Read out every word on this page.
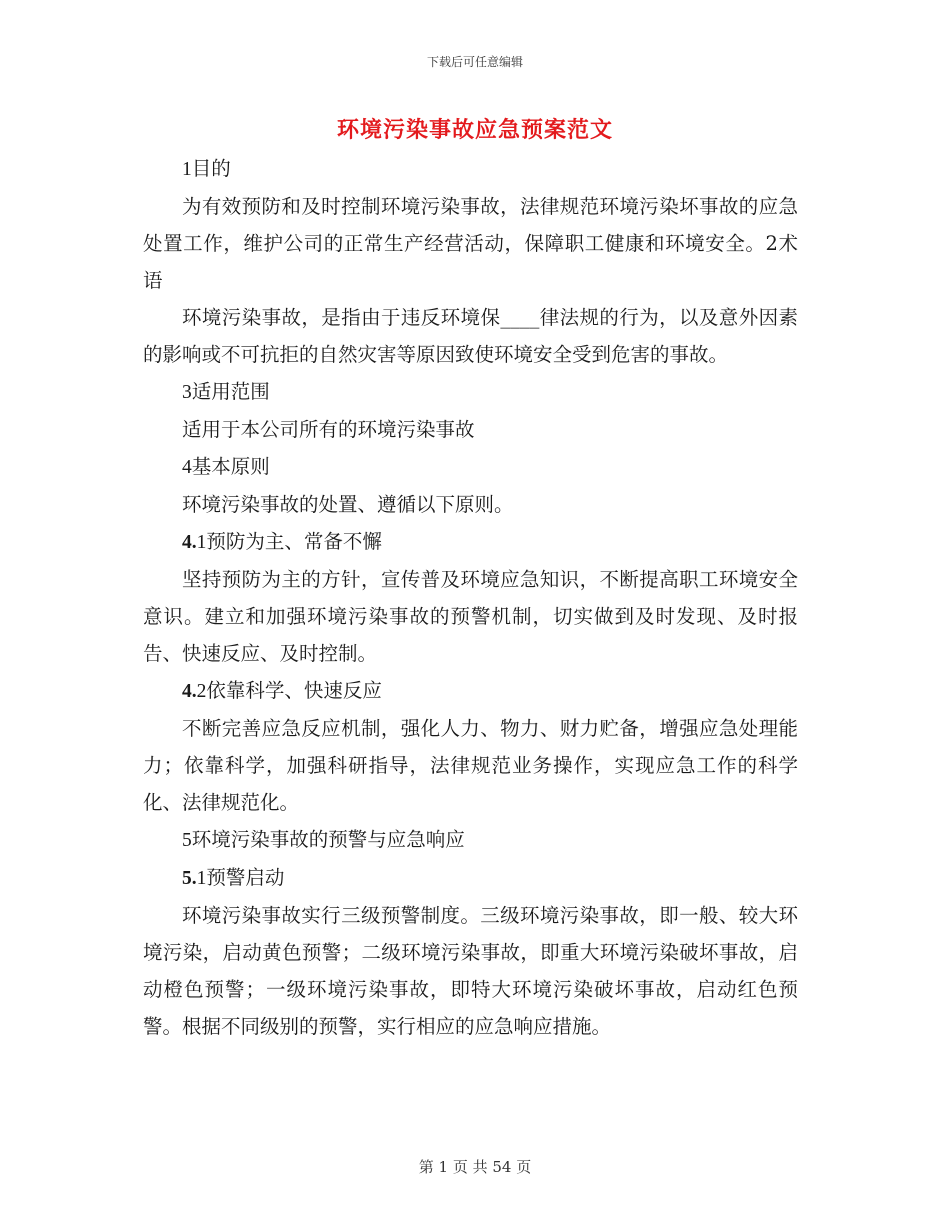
下载后可任意编辑
环境污染事故应急预案范文

1目的

为有效预防和及时控制环境污染事故，法律规范环境污染坏事故的应急处置工作，维护公司的正常生产经营活动，保障职工健康和环境安全。2术语

环境污染事故，是指由于违反环境保____律法规的行为，以及意外因素的影响或不可抗拒的自然灾害等原因致使环境安全受到危害的事故。

3适用范围

适用于本公司所有的环境污染事故

4基本原则

环境污染事故的处置、遵循以下原则。

4.1预防为主、常备不懈

坚持预防为主的方针，宣传普及环境应急知识，不断提高职工环境安全意识。建立和加强环境污染事故的预警机制，切实做到及时发现、及时报告、快速反应、及时控制。

4.2依靠科学、快速反应

不断完善应急反应机制，强化人力、物力、财力贮备，增强应急处理能力；依靠科学，加强科研指导，法律规范业务操作，实现应急工作的科学化、法律规范化。

5环境污染事故的预警与应急响应

5.1预警启动

环境污染事故实行三级预警制度。三级环境污染事故，即一般、较大环境污染，启动黄色预警；二级环境污染事故，即重大环境污染破坏事故，启动橙色预警；一级环境污染事故，即特大环境污染破坏事故，启动红色预警。根据不同级别的预警，实行相应的应急响应措施。

第 1 页 共 54 页
